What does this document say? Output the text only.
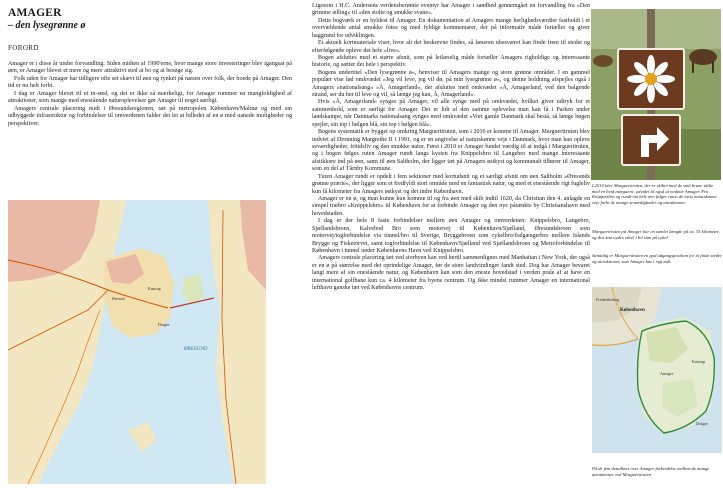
AMAGER
– den lysegrønne ø
FORORD

Amager er i disse år under forvandling. Siden midten af 1990'erne, hvor mange store investeringer blev igangsat på øen, er Amager blevet et mere og mere attraktivt sted at bo og at besøge sig.

Folk uden for Amager har tidligere ofte set skævt til øen og rynket på næsen over folk, der boede på Amager. Den tid er nu helt forbi.

I dag er Amager blevet til et in-sted, og det er ikke så mærkeligt, for Amager rummer en mangfoldighed af attraktioner, som mange med enestående naturoplevelser gør Amager til noget særligt.

Amagers centrale placering midt i Øresundsregionen, tæt på metropolen København/Malmø og med sin udbyggede infrastruktur og forbindelser til omverdenen falder det let at billedet af en ø med uanede muligheder og perspektiver.

Ørestad
Kastrup
ØRESUND
Dragør

Ligesom i H.C. Andersens verdensberømte eventyr har Amager i sandhed gennemgået en forvandling fra »Den grimme ælling« til »den stolte og smukke svane«.

Dette bogværk er en hyldest til Amager. En dokumentation af Amagers mange herlighedsværdier fastholdt i et overvældende antal smukke fotos og med fyldige kommentarer, der på informativ måde fortæller og giver baggrund for udviklingen.

Et aktuelt kortmateriale viser, hvor alt det beskrevne findes, så læseren ubesværet kan finde frem til stedet og efterfølgende opleve det hele »live«.

Bogen afsluttes med et større afsnit, som på letlæselig måde fortæller Amagers righoldige og interessante historie, og sætter det hele i perspektiv.

Bogens undertitel »Den lysegrønne ø«, henviser til Amagers mange og store grønne områder. I en gammel populær vise lød omkvædet »Jeg vil leve, jeg vil dø, på min lysegrønne ø«, og denne holdning afspejles også i Amagers »nationalsang« »Å, Amagerland«, der afsluttes med omkvædet »Å, Amagerland, ved den balgende strand, ser du her til leve og vil, så længe jeg kan, Å, Amagerland«.

Hvis »Å, Amagerland« synges på Amager, vil alle synge med på omkvædet, hvilket giver udtryk for et sammenhold, som er særligt for Amager. Det er lidt af den samme oplevelse man kan få i Parken under landskampe, når Danmarks nationalsang synges med omkvædet »Vort gamle Danmark skal bestå, så længe bøgen spejler, sin top i bølgen blå, sin top i bølgen blå«.

Bogens systematik er bygget op omkring Margueritruten, som i 2010 er komme til Amager. Margueritruten blev indviet af Dronning Margrethe II i 1991, og er en angivelse af naturskønne veje i Danmark, hvor man kan opleve seværdigheder, fritidsliv og den smukke natur. Først i 2010 er Amager fundet værdig til at indgå i Margueritruten, og i bogen følges ruten Amager rundt langs kysten fra Knippelsbro til Langebro med mange interessante afstikkere ind på øen, samt til øen Saltholm, der ligger tæt på Amagers østkyst og kommunalt tilhører til Amager, som en del af Tårnby Kommune.

Turen Amager rundt er opdelt i fem sektioner med kortudsnit og et særligt afsnit om øen Saltholm »Øresunds grønne prærie«, der ligger som et fredfyldt stort område med en fantastisk natur, og med et enestående rigt fugleliv kun få kilometer fra Amagers østkyst og det indre København.

Amager er en ø, og man kunne kun komme til og fra øen med skib indtil 1620, da Christian den 4. anlagde en simpel træbro »Knippelsbro« til København for at forbinde Amager og den nye påtænkte by Christianshavn med hovedstaden.

I dag er der hele 8 faste forbindelser mellem øen Amager og omverdenen: Knippelsbro, Langebro, Sjællandsbroen, Kalvebod Bro som motorvej til København/Sjælland, Øresundsbroen som motorvej/togforbindelse via tunnel/bro til Sverige, Bryggebroen som cykelbro/fodgængerbro mellem Islands Brygge og Fisketorvet, samt togforbindelse til København/Sjælland ved Sjællandsbroen og Metroforbindelse til København i tunnel under Københavns Havn ved Knippelsbro.

Amagers centrale placering tæt ved storbyen kan ved hertil sammenlignes med Manhattan i New York, der også er en ø på størrelse med det oprindelige Amager, før de store landvindinger fandt sted. Dog har Amager bevaret langt mere af sin enestående natur, og København kan som den eneste hovedstad i verden prale af at have en international golfbane kun ca. 4 kilometer fra byens centrum. Og ikke mindst rummer Amager en international lufthavn ganske tæt ved Københavns centrum.

I 2010 blev Margueritruten, der er skiltet med de små brune skilte med en hvid marguerit, udvidet til også at omfatte Amager. Fra Knippelsbro og rundt om hele øen følger ruten de mest naturskønne veje forbi de mange seværdigheder og attraktioner.

Margueritruten på Amager har en samlet længde på ca. 35 kilometer, og den kan nydes såvel i bil som på cykel.

Samtidig er Margueritruten en god udgangsposition for at finde steder og attraktioner, som Amager har i rigt mål.

Frederiksberg
København
Amager
Dragør
Kastrup

På de fem detailkort over Amager forbindelse mellem de mange attraktioner ved Margueritruten.
